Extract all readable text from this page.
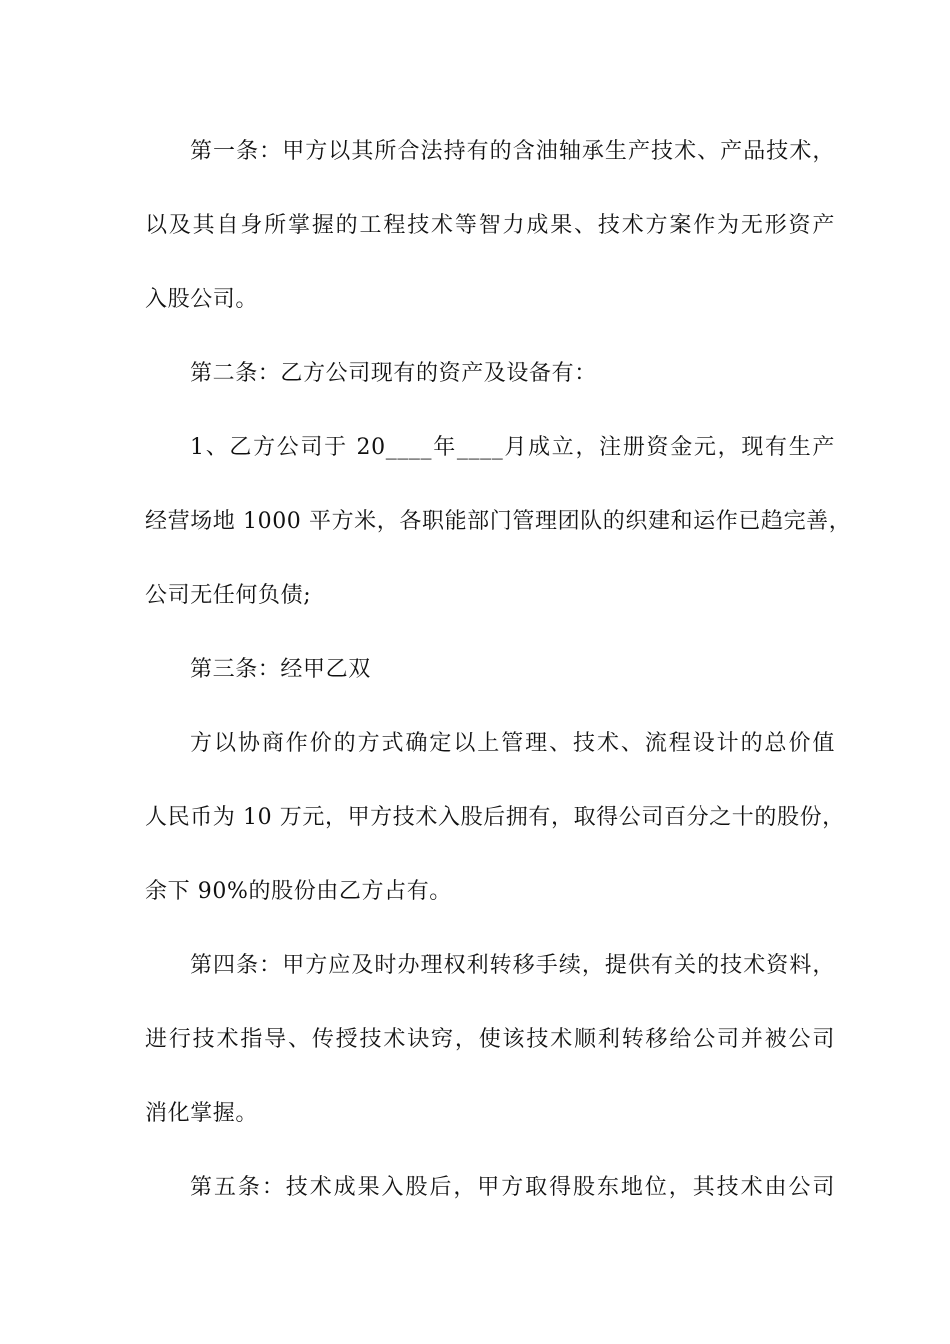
第一条：甲方以其所合法持有的含油轴承生产技术、产品技术，

以及其自身所掌握的工程技术等智力成果、技术方案作为无形资产

入股公司。

第二条：乙方公司现有的资产及设备有：

1、乙方公司于 20____年____月成立，注册资金元，现有生产

经营场地 1000 平方米，各职能部门管理团队的织建和运作已趋完善，

公司无任何负债;

第三条：经甲乙双

方以协商作价的方式确定以上管理、技术、流程设计的总价值

人民币为 10 万元，甲方技术入股后拥有，取得公司百分之十的股份，

余下 90%的股份由乙方占有。

第四条：甲方应及时办理权利转移手续，提供有关的技术资料，

进行技术指导、传授技术诀窍，使该技术顺利转移给公司并被公司

消化掌握。

第五条：技术成果入股后，甲方取得股东地位，其技术由公司
